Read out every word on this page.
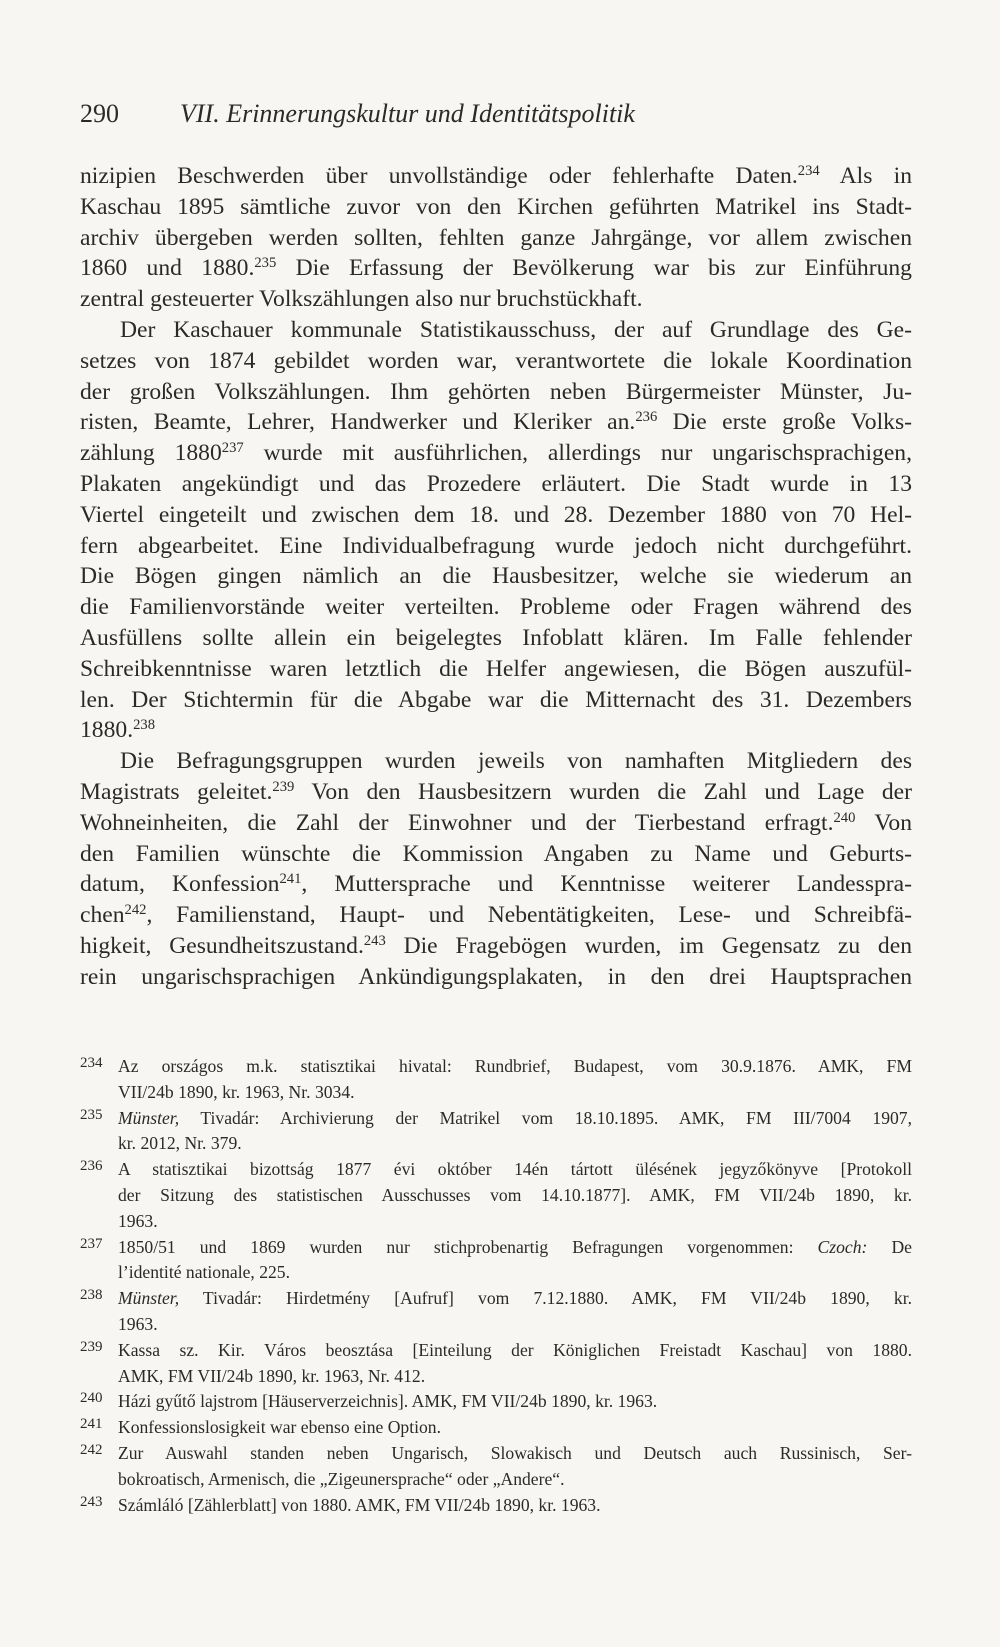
290 VII. Erinnerungskultur und Identitätspolitik
nizipien Beschwerden über unvollständige oder fehlerhafte Daten.$^{234}$ Als in
Kaschau 1895 sämtliche zuvor von den Kirchen geführten Matrikel ins Stadt-
archiv übergeben werden sollten, fehlten ganze Jahrgänge, vor allem zwischen
1860 und 1880.$^{235}$ Die Erfassung der Bevölkerung war bis zur Einführung
zentral gesteuerter Volkszählungen also nur bruchstückhaft.
Der Kaschauer kommunale Statistikausschuss, der auf Grundlage des Ge-
setzes von 1874 gebildet worden war, verantwortete die lokale Koordination
der großen Volkszählungen. Ihm gehörten neben Bürgermeister Münster, Ju-
risten, Beamte, Lehrer, Handwerker und Kleriker an.$^{236}$ Die erste große Volks-
zählung 1880$^{237}$ wurde mit ausführlichen, allerdings nur ungarischsprachigen,
Plakaten angekündigt und das Prozedere erläutert. Die Stadt wurde in 13
Viertel eingeteilt und zwischen dem 18. und 28. Dezember 1880 von 70 Hel-
fern abgearbeitet. Eine Individualbefragung wurde jedoch nicht durchgeführt.
Die Bögen gingen nämlich an die Hausbesitzer, welche sie wiederum an
die Familienvorstände weiter verteilten. Probleme oder Fragen während des
Ausfüllens sollte allein ein beigelegtes Infoblatt klären. Im Falle fehlender
Schreibkenntnisse waren letztlich die Helfer angewiesen, die Bögen auszufül-
len. Der Stichtermin für die Abgabe war die Mitternacht des 31. Dezembers
1880.$^{238}$
Die Befragungsgruppen wurden jeweils von namhaften Mitgliedern des
Magistrats geleitet.$^{239}$ Von den Hausbesitzern wurden die Zahl und Lage der
Wohneinheiten, die Zahl der Einwohner und der Tierbestand erfragt.$^{240}$ Von
den Familien wünschte die Kommission Angaben zu Name und Geburts-
datum, Konfession$^{241}$, Muttersprache und Kenntnisse weiterer Landesspra-
chen$^{242}$, Familienstand, Haupt- und Nebentätigkeiten, Lese- und Schreibfä-
higkeit, Gesundheitszustand.$^{243}$ Die Fragebögen wurden, im Gegensatz zu den
rein ungarischsprachigen Ankündigungsplakaten, in den drei Hauptsprachen
234 Az országos m.k. statisztikai hivatal: Rundbrief, Budapest, vom 30.9.1876. AMK, FM
VII/24b 1890, kr. 1963, Nr. 3034.
235 Münster, Tivadár: Archivierung der Matrikel vom 18.10.1895. AMK, FM III/7004 1907,
kr. 2012, Nr. 379.
236 A statisztikai bizottság 1877 évi október 14én tártott ülésének jegyzőkönyve [Protokoll
der Sitzung des statistischen Ausschusses vom 14.10.1877]. AMK, FM VII/24b 1890, kr.
1963.
237 1850/51 und 1869 wurden nur stichprobenartig Befragungen vorgenommen: Czoch: De
l’identité nationale, 225.
238 Münster, Tivadár: Hirdetmény [Aufruf] vom 7.12.1880. AMK, FM VII/24b 1890, kr.
1963.
239 Kassa sz. Kir. Város beosztása [Einteilung der Königlichen Freistadt Kaschau] von 1880.
AMK, FM VII/24b 1890, kr. 1963, Nr. 412.
240 Házi gyűtő lajstrom [Häuserverzeichnis]. AMK, FM VII/24b 1890, kr. 1963.
241 Konfessionslosigkeit war ebenso eine Option.
242 Zur Auswahl standen neben Ungarisch, Slowakisch und Deutsch auch Russinisch, Ser-
bokroatisch, Armenisch, die „Zigeunersprache“ oder „Andere“.
243 Számláló [Zählerblatt] von 1880. AMK, FM VII/24b 1890, kr. 1963.
